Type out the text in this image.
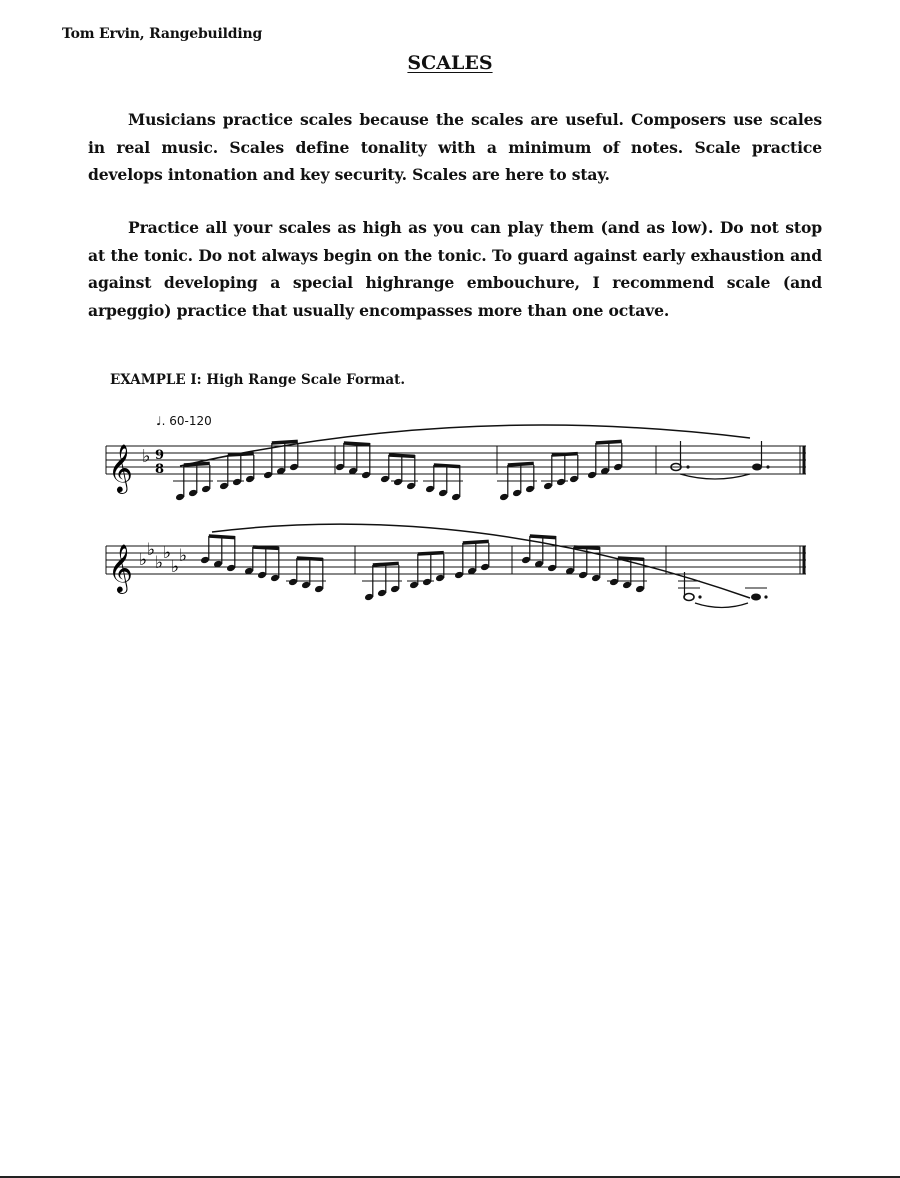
Tom Ervin, Rangebuilding
SCALES

Musicians practice scales because the scales are useful. Composers use scales in real music. Scales define tonality with a minimum of notes. Scale practice develops intonation and key security. Scales are here to stay.

Practice all your scales as high as you can play them (and as low). Do not stop at the tonic. Do not always begin on the tonic. To guard against early exhaustion and against developing a special highrange embouchure, I recommend scale (and arpeggio) practice that usually encompasses more than one octave.

EXAMPLE I: High Range Scale Format.
♩. 60-120
𝄞 ♭ 9
8
𝄞 ♭ ♭
♭ ♭
♭
♭
